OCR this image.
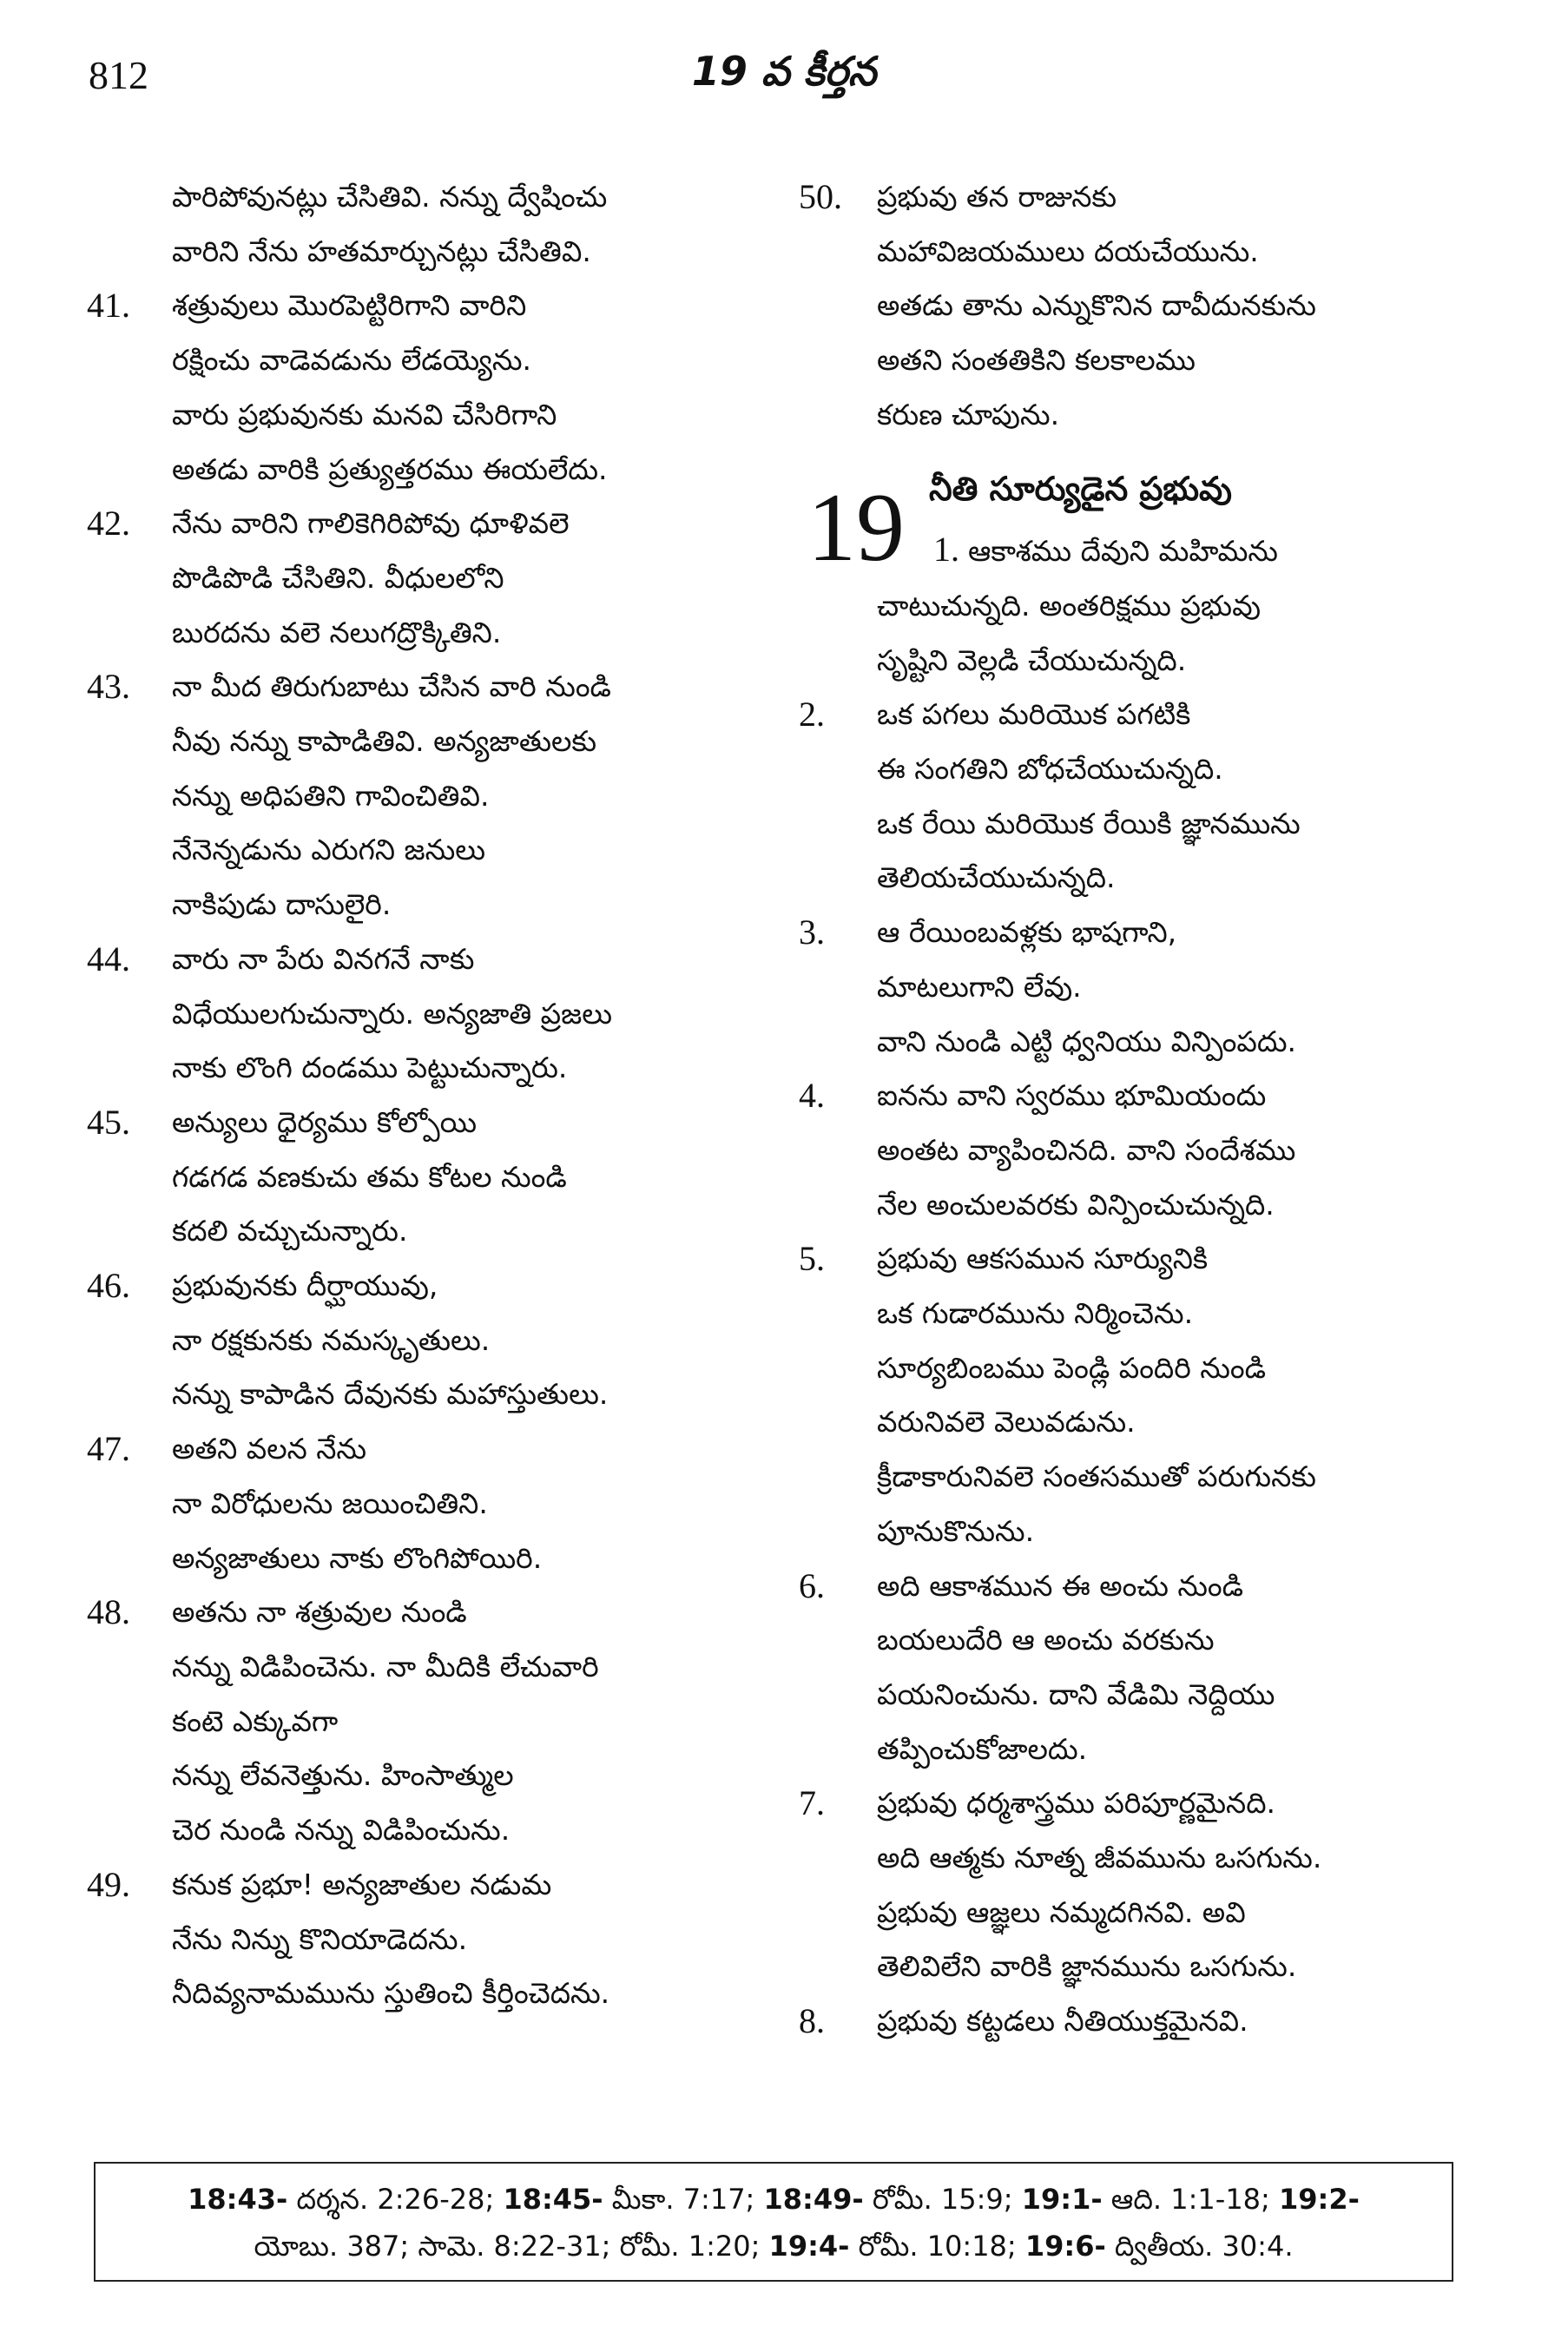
812	19 వ కీర్తన
పారిపోవునట్లు చేసితివి. నన్ను ద్వేషించు
వారిని నేను హతమార్చునట్లు చేసితివి.
41. శత్రువులు మొరపెట్టిరిగాని వారిని
రక్షించు వాడెవడును లేడయ్యెను.
వారు ప్రభువునకు మనవి చేసిరిగాని
అతడు వారికి ప్రత్యుత్తరము ఈయలేదు.
42. నేను వారిని గాలికెగిరిపోవు ధూళివలె
పొడిపొడి చేసితిని. వీధులలోని
బురదను వలె నలుగద్రొక్కితిని.
43. నా మీద తిరుగుబాటు చేసిన వారి నుండి
నీవు నన్ను కాపాడితివి. అన్యజాతులకు
నన్ను అధిపతిని గావించితివి.
నేనెన్నడును ఎరుగని జనులు
నాకిపుడు దాసులైరి.
44. వారు నా పేరు వినగనే నాకు
విధేయులగుచున్నారు. అన్యజాతి ప్రజలు
నాకు లొంగి దండము పెట్టుచున్నారు.
45. అన్యులు ధైర్యము కోల్పోయి
గడగడ వణకుచు తమ కోటల నుండి
కదలి వచ్చుచున్నారు.
46. ప్రభువునకు దీర్ఘాయువు,
నా రక్షకునకు నమస్కృతులు.
నన్ను కాపాడిన దేవునకు మహాస్తుతులు.
47. అతని వలన నేను
నా విరోధులను జయించితిని.
అన్యజాతులు నాకు లొంగిపోయిరి.
48. అతను నా శత్రువుల నుండి
నన్ను విడిపించెను. నా మీదికి లేచువారి
కంటె ఎక్కువగా
నన్ను లేవనెత్తును. హింసాత్ముల
చెర నుండి నన్ను విడిపించును.
49. కనుక ప్రభూ! అన్యజాతుల నడుమ
నేను నిన్ను కొనియాడెదను.
నీదివ్యనామమును స్తుతించి కీర్తించెదను.
50. ప్రభువు తన రాజునకు
మహావిజయములు దయచేయును.
అతడు తాను ఎన్నుకొనిన దావీదునకును
అతని సంతతికిని కలకాలము
కరుణ చూపును.
19 నీతి సూర్యుడైన ప్రభువు
1. ఆకాశము దేవుని మహిమను
చాటుచున్నది. అంతరిక్షము ప్రభువు
సృష్టిని వెల్లడి చేయుచున్నది.
2. ఒక పగలు మరియొక పగటికి
ఈ సంగతిని బోధచేయుచున్నది.
ఒక రేయి మరియొక రేయికి జ్ఞానమును
తెలియచేయుచున్నది.
3. ఆ రేయింబవళ్లకు భాషగాని,
మాటలుగాని లేవు.
వాని నుండి ఎట్టి ధ్వనియు విన్పింపదు.
4. ఐనను వాని స్వరము భూమియందు
అంతట వ్యాపించినది. వాని సందేశము
నేల అంచులవరకు విన్పించుచున్నది.
5. ప్రభువు ఆకసమున సూర్యునికి
ఒక గుడారమును నిర్మించెను.
సూర్యబింబము పెండ్లి పందిరి నుండి
వరునివలె వెలువడును.
క్రీడాకారునివలె సంతసముతో పరుగునకు
పూనుకొనును.
6. అది ఆకాశమున ఈ అంచు నుండి
బయలుదేరి ఆ అంచు వరకును
పయనించును. దాని వేడిమి నెద్దియు
తప్పించుకోజాలదు.
7. ప్రభువు ధర్మశాస్త్రము పరిపూర్ణమైనది.
అది ఆత్మకు నూత్న జీవమును ఒసగును.
ప్రభువు ఆజ్ఞలు నమ్మదగినవి. అవి
తెలివిలేని వారికి జ్ఞానమును ఒసగును.
8. ప్రభువు కట్టడలు నీతియుక్తమైనవి.
18:43- దర్శన. 2:26-28; 18:45- మీకా. 7:17; 18:49- రోమీ. 15:9; 19:1- ఆది. 1:1-18; 19:2-
యోబు. 387; సామె. 8:22-31; రోమీ. 1:20; 19:4- రోమీ. 10:18; 19:6- ద్వితీయ. 30:4.
